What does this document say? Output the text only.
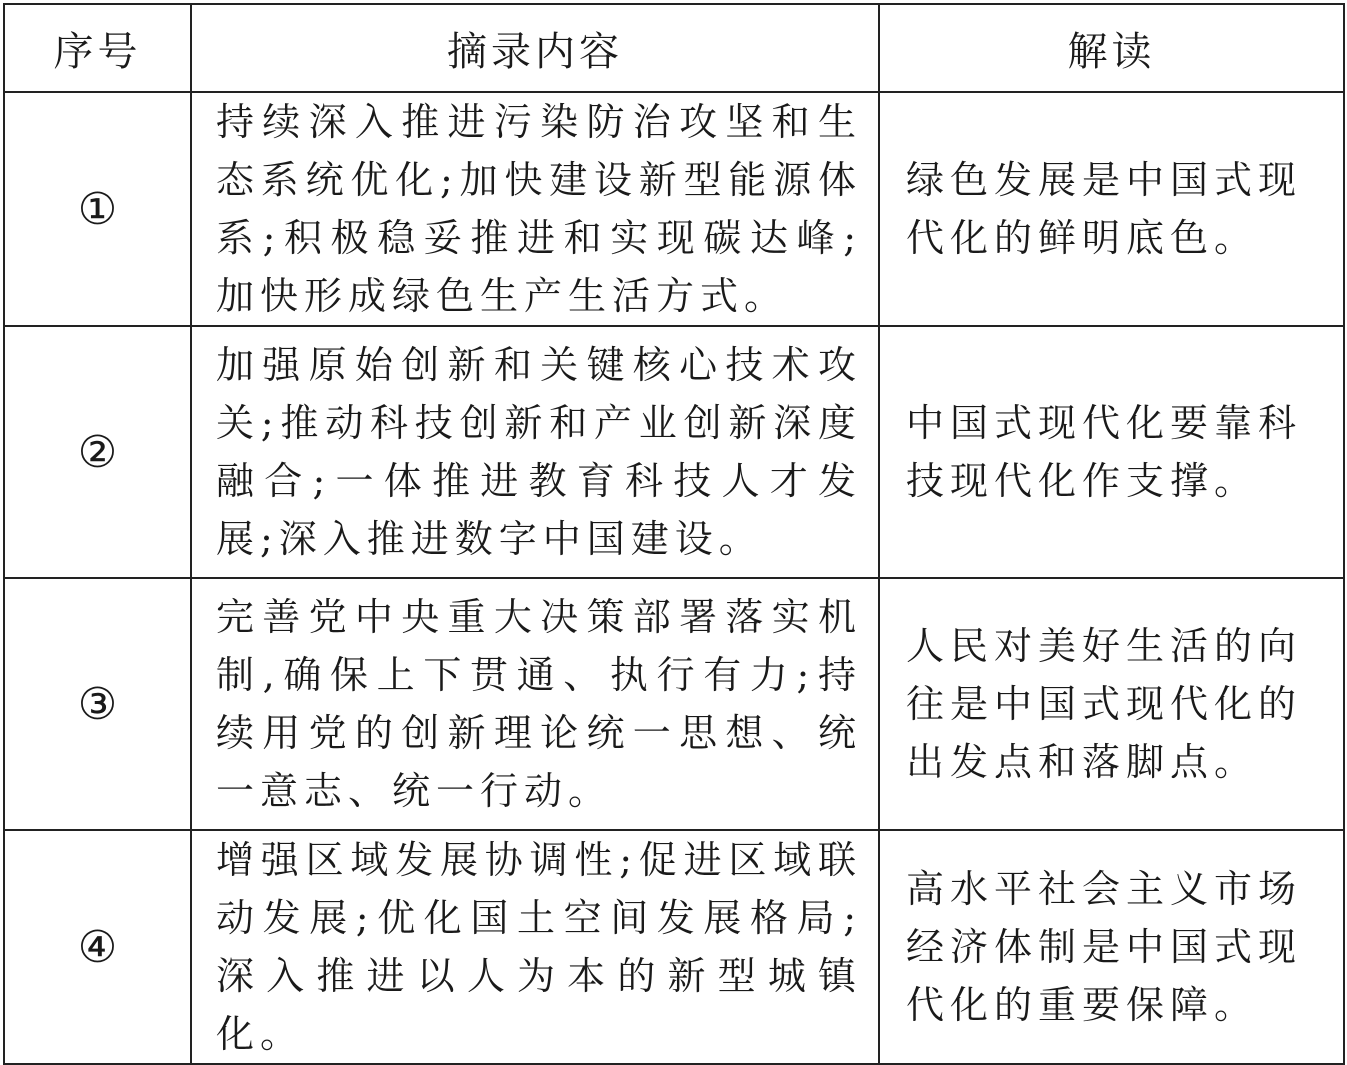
序号	摘录内容	解读
①	持续深入推进污染防治攻坚和生态系统优化;加快建设新型能源体系;积极稳妥推进和实现碳达峰;加快形成绿色生产生活方式。	绿色发展是中国式现代化的鲜明底色。

②	加强原始创新和关键核心技术攻关;推动科技创新和产业创新深度融合;一体推进教育科技人才发展;深入推进数字中国建设。	中国式现代化要靠科技现代化作支撑。

③	完善党中央重大决策部署落实机制,确保上下贯通、执行有力;持续用党的创新理论统一思想、统一意志、统一行动。	人民对美好生活的向往是中国式现代化的出发点和落脚点。

④	增强区域发展协调性;促进区域联动发展;优化国土空间发展格局;深入推进以人为本的新型城镇化。	高水平社会主义市场经济体制是中国式现代化的重要保障。
